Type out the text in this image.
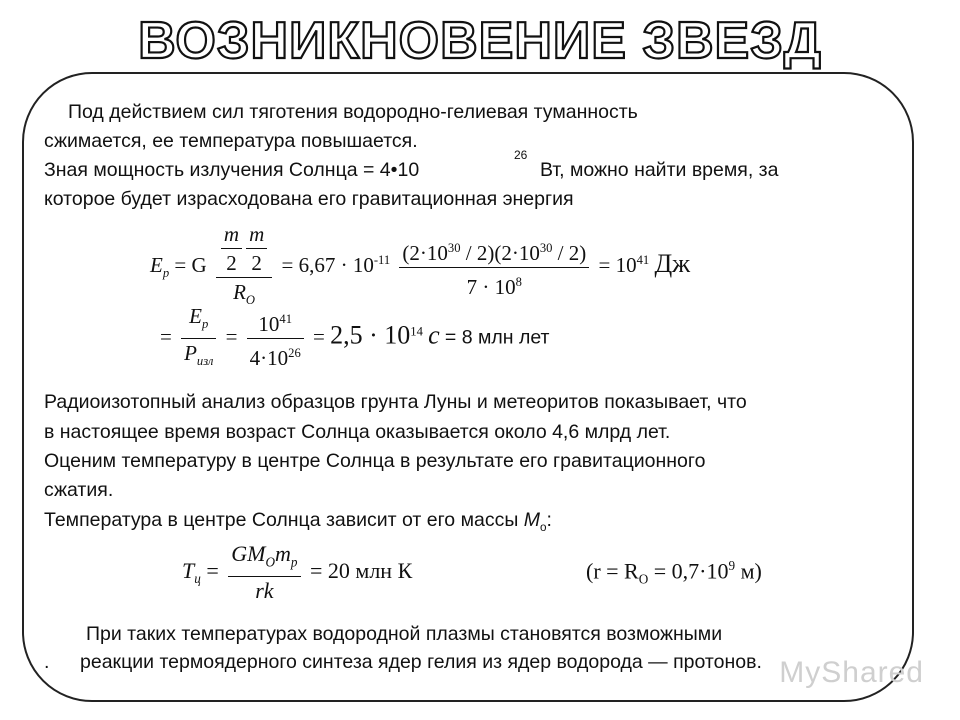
ВОЗНИКНОВЕНИЕ ЗВЕЗД
Под действием сил тяготения водородно-гелиевая туманность
сжимается, ее температура повышается.
Зная мощность излучения Солнца = 4•10
26
Вт, можно найти время, за
которое будет израсходована его гравитационная энергия
$E_p = G \frac{\frac{m}{2} \frac{m}{2}}{R_O} = 6,67 \cdot 10^{-11} \frac{(2\cdot 10^{30} / 2)(2\cdot 10^{30} / 2)}{7 \cdot 10^8} = 10^{41}$ Дж
= $\frac{E_p}{P_{изл}} = \frac{10^{41}}{4\cdot 10^{26}} = 2,5 \cdot 10^{14}$ c = 8 млн лет
Радиоизотопный анализ образцов грунта Луны и метеоритов показывает, что
в настоящее время возраст Солнца оказывается около 4,6 млрд лет.
Оценим температуру в центре Солнца в результате его гравитационного
сжатия.
Температура в центре Солнца зависит от его массы $M_o$:
$T_ц = \frac{GM_Om_p}{rk} = 20$ млн К	($r = R_O = 0,7\cdot 10^9$ м)
При таких температурах водородной плазмы становятся возможными
. реакции термоядерного синтеза ядер гелия из ядер водорода — протонов. MyShared
